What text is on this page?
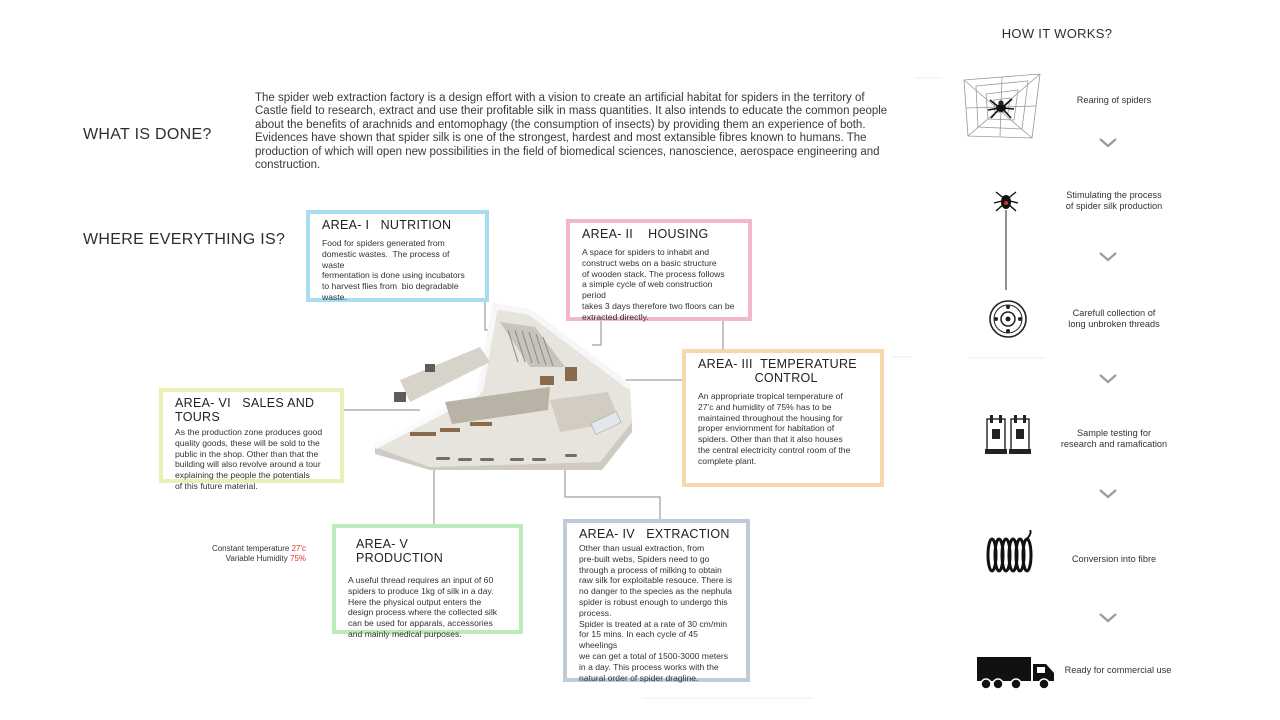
WHAT IS DONE?
WHERE EVERYTHING IS?
The spider web extraction factory is a design effort with a vision to create an artificial habitat for spiders in the territory of Castle field to research, extract and use their profitable silk in mass quantities. It also intends to educate the common people about the benefits of arachnids and entomophagy (the consumption of insects) by providing them an experience of both. Evidences have shown that spider silk is one of the strongest, hardest and most extansible fibres known to humans. The production of which will open new possibilities in the field of biomedical sciences, nanoscience, aerospace engineering and construction.
AREA- I   NUTRITION
Food for spiders generated from
domestic wastes.  The process of waste
fermentation is done using incubators
to harvest flies from  bio degradable
waste.
AREA- II    HOUSING
A space for spiders to inhabit and
construct webs on a basic structure
of wooden stack. The process follows
a simple cycle of web construction period
takes 3 days therefore two floors can be
extracted directly.
AREA- III  TEMPERATURE
CONTROL
An appropriate tropical temperature of
27'c and humidity of 75% has to be
maintained throughout the housing for
proper enviornment for habitation of
spiders. Other than that it also houses
the central electricity control room of the
complete plant.
AREA- IV   EXTRACTION
Other than usual extraction, from
pre-built webs, Spiders need to go
through a process of milking to obtain
raw silk for exploitable resouce. There is
no danger to the species as the nephula
spider is robust enough to undergo this
process.
Spider is treated at a rate of 30 cm/min
for 15 mins. In each cycle of 45 wheelings
we can get a total of 1500-3000 meters
in a day. This process works with the
natural order of spider dragline.
AREA- V    PRODUCTION
A useful thread requires an input of 60
spiders to produce 1kg of silk in a day.
Here the physical output enters the
design process where the collected silk
can be used for apparals, accessories
and mainly medical purposes.
AREA- VI   SALES AND TOURS
As the production zone produces good
quality goods, these will be sold to the
public in the shop. Other than that the
building will also revolve around a tour
explaining the people the potentials
of this future material.
Constant temperature 27'c
Variable Humidity 75%
HOW IT WORKS?
Rearing of spiders
Stimulating the process
of spider silk production
Carefull collection of
long unbroken threads
Sample testing for
research and ramafication
Conversion into fibre
Ready for commercial use
